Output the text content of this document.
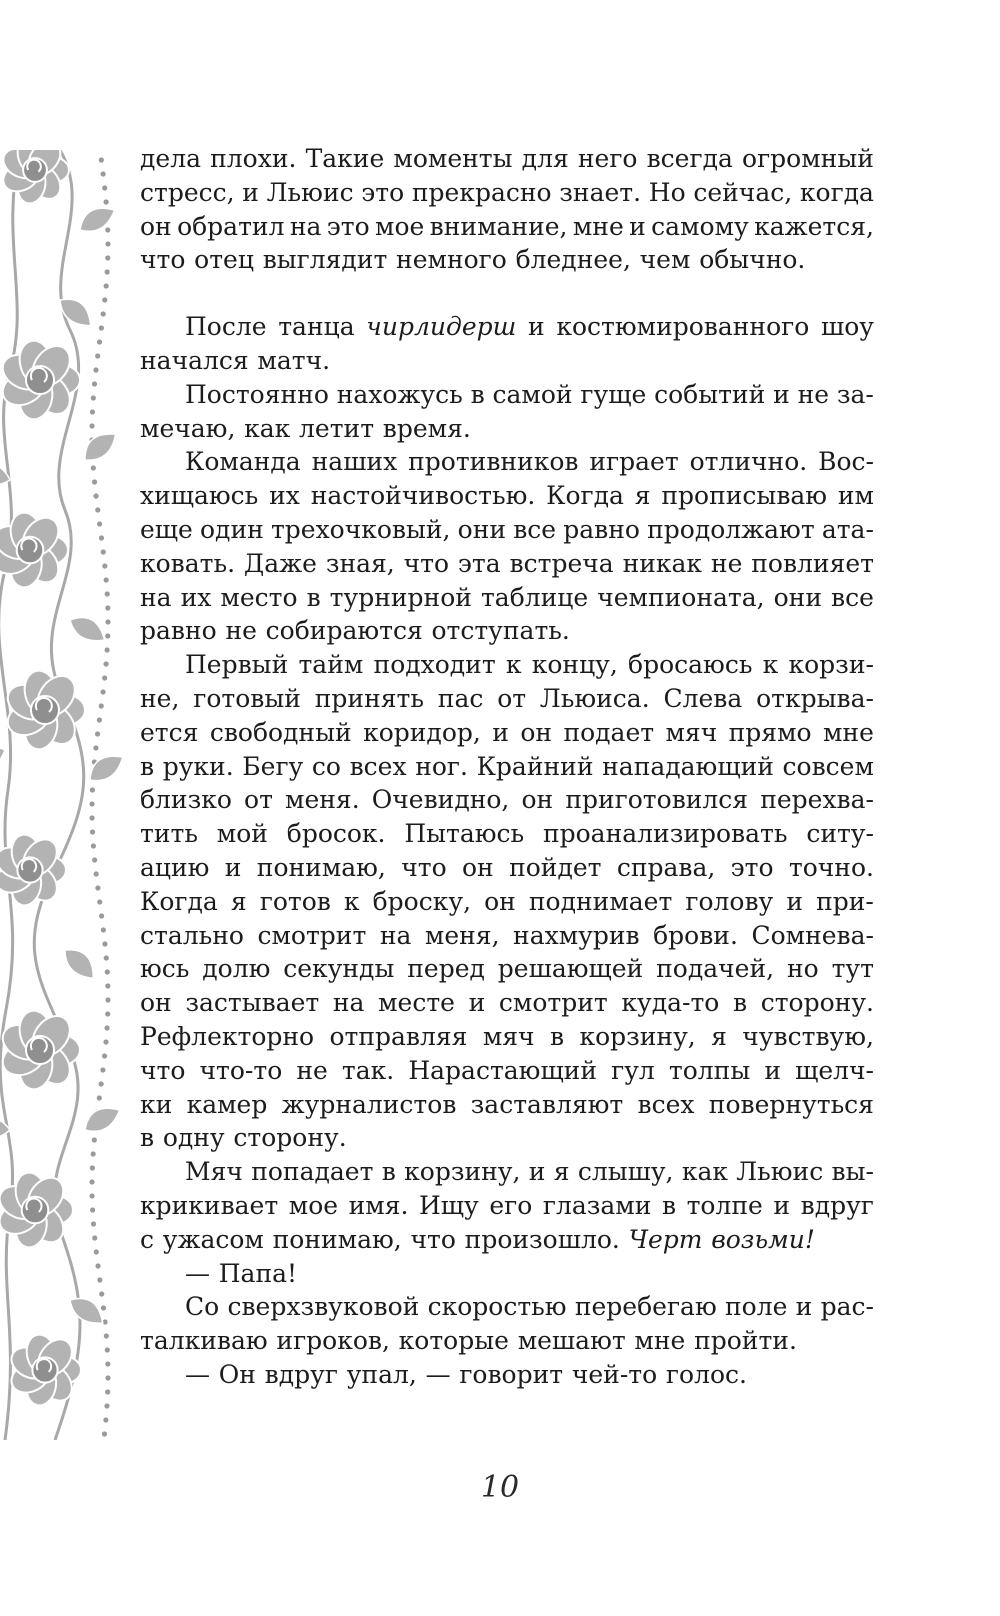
дела плохи. Такие моменты для него всегда огромный
стресс, и Льюис это прекрасно знает. Но сейчас, когда
он обратил на это мое внимание, мне и самому кажется,
что отец выглядит немного бледнее, чем обычно.
После танца чирлидерш и костюмированного шоу
начался матч.
Постоянно нахожусь в самой гуще событий и не за-
мечаю, как летит время.
Команда наших противников играет отлично. Вос-
хищаюсь их настойчивостью. Когда я прописываю им
еще один трехочковый, они все равно продолжают ата-
ковать. Даже зная, что эта встреча никак не повлияет
на их место в турнирной таблице чемпионата, они все
равно не собираются отступать.
Первый тайм подходит к концу, бросаюсь к корзи-
не, готовый принять пас от Льюиса. Слева открыва-
ется свободный коридор, и он подает мяч прямо мне
в руки. Бегу со всех ног. Крайний нападающий совсем
близко от меня. Очевидно, он приготовился перехва-
тить мой бросок. Пытаюсь проанализировать ситу-
ацию и понимаю, что он пойдет справа, это точно.
Когда я готов к броску, он поднимает голову и при-
стально смотрит на меня, нахмурив брови. Сомнева-
юсь долю секунды перед решающей подачей, но тут
он застывает на месте и смотрит куда-то в сторону.
Рефлекторно отправляя мяч в корзину, я чувствую,
что что-то не так. Нарастающий гул толпы и щелч-
ки камер журналистов заставляют всех повернуться
в одну сторону.
Мяч попадает в корзину, и я слышу, как Льюис вы-
крикивает мое имя. Ищу его глазами в толпе и вдруг
с ужасом понимаю, что произошло. Черт возьми!
— Папа!
Со сверхзвуковой скоростью перебегаю поле и рас-
талкиваю игроков, которые мешают мне пройти.
— Он вдруг упал, — говорит чей-то голос.
10
